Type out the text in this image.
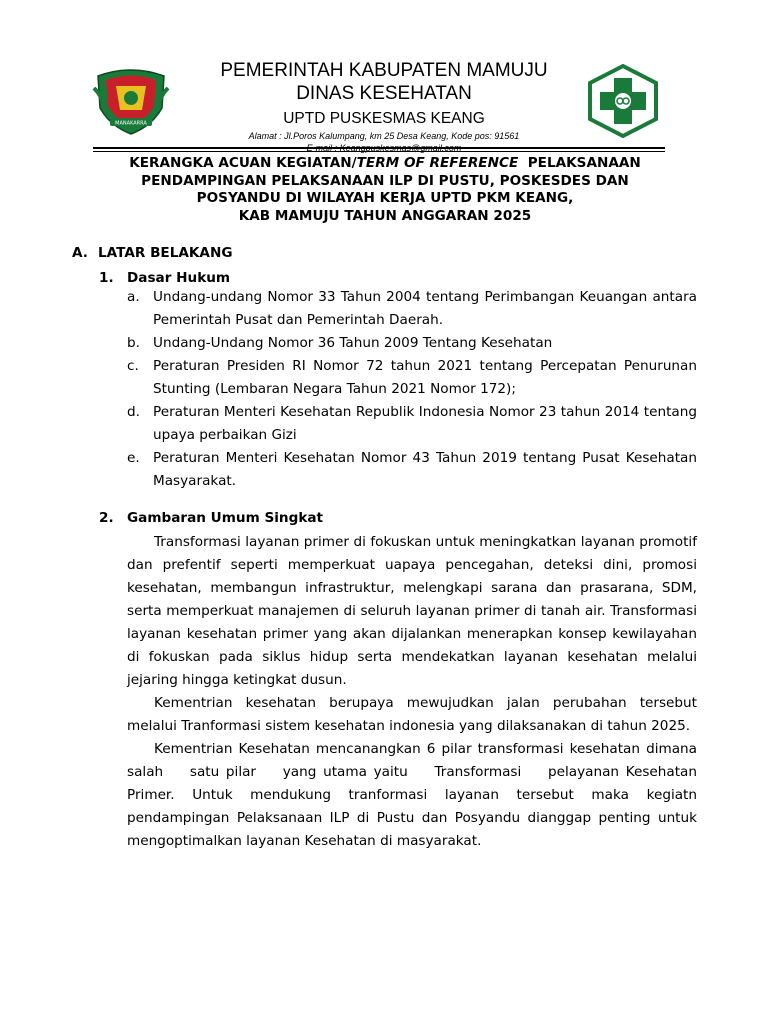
MANAKARRA
PEMERINTAH KABUPATEN MAMUJU
DINAS KESEHATAN
UPTD PUSKESMAS KEANG
Alamat : Jl.Poros Kalumpang, km 25 Desa Keang, Kode pos: 91561
KERANGKA ACUAN KEGIATAN/TERM OF REFERENCE  PELAKSANAAN
PENDAMPINGAN PELAKSANAAN ILP DI PUSTU, POSKESDES DAN
POSYANDU DI WILAYAH KERJA UPTD PKM KEANG,
KAB MAMUJU TAHUN ANGGARAN 2025
A. LATAR BELAKANG
1. Dasar Hukum
a. Undang-undang Nomor 33 Tahun 2004 tentang Perimbangan Keuangan antara Pemerintah Pusat dan Pemerintah Daerah.
b. Undang-Undang Nomor 36 Tahun 2009 Tentang Kesehatan
c.	Peraturan Presiden RI Nomor 72 tahun 2021 tentang Percepatan Penurunan Stunting (Lembaran Negara Tahun 2021 Nomor 172);
d. Peraturan Menteri Kesehatan Republik Indonesia Nomor 23 tahun 2014 tentang upaya perbaikan Gizi
e. Peraturan Menteri Kesehatan Nomor 43 Tahun 2019 tentang Pusat Kesehatan Masyarakat.
2. Gambaran Umum Singkat

Transformasi layanan primer di fokuskan untuk meningkatkan layanan promotif dan prefentif seperti memperkuat uapaya pencegahan, deteksi dini, promosi kesehatan, membangun infrastruktur, melengkapi sarana dan prasarana, SDM, serta memperkuat manajemen di seluruh layanan primer di tanah air. Transformasi layanan kesehatan primer yang akan dijalankan menerapkan konsep kewilayahan di fokuskan pada siklus hidup serta mendekatkan layanan kesehatan melalui jejaring hingga ketingkat dusun.

Kementrian kesehatan berupaya mewujudkan jalan perubahan tersebut melalui Tranformasi sistem kesehatan indonesia yang dilaksanakan di tahun 2025.

Kementrian Kesehatan mencanangkan 6 pilar transformasi kesehatan dimana salah    satu pilar    yang utama yaitu    Transformasi    pelayanan Kesehatan Primer. Untuk mendukung tranformasi layanan tersebut maka kegiatn pendampingan Pelaksanaan ILP di Pustu dan Posyandu dianggap penting untuk mengoptimalkan layanan Kesehatan di masyarakat.
